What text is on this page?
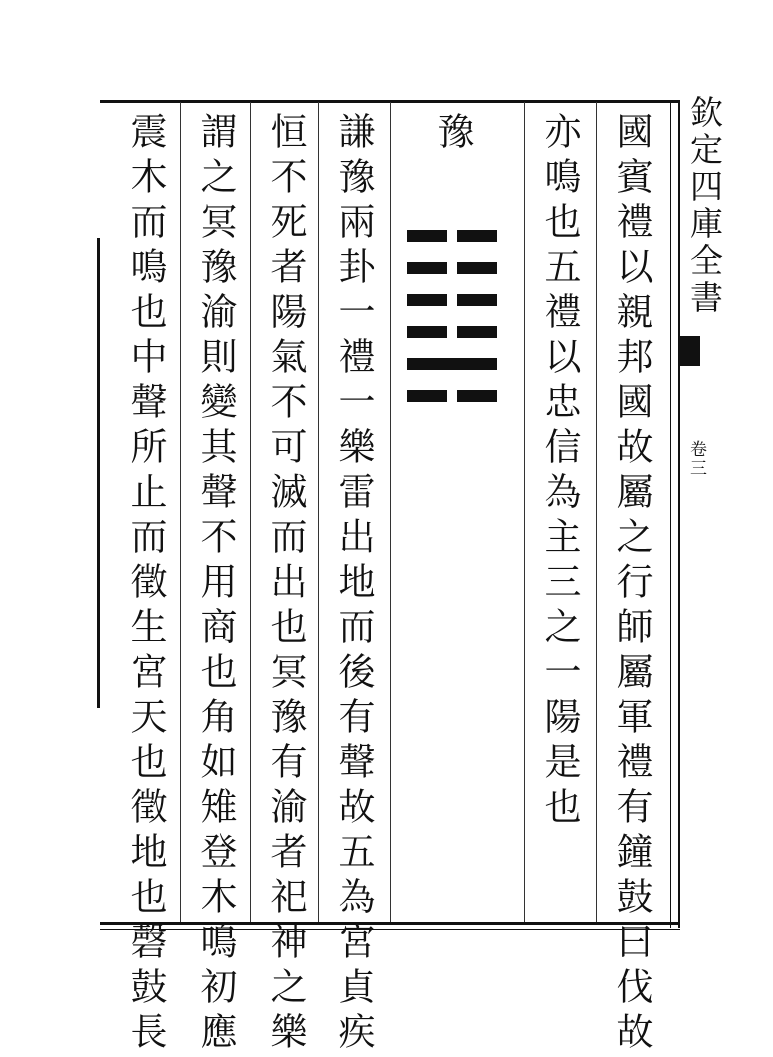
欽定四庫全書
卷三
國賓禮以親邦國故屬之行師屬軍禮有鐘鼓曰伐故
亦鳴也五禮以忠信為主三之一陽是也
豫
謙豫兩卦一禮一樂雷出地而後有聲故五為宮貞疾
恒不死者陽氣不可滅而出也冥豫有渝者祀神之樂
謂之冥豫渝則變其聲不用商也角如雉登木鳴初應
震木而鳴也中聲所止而徵生宮天也徵地也磬鼓長
